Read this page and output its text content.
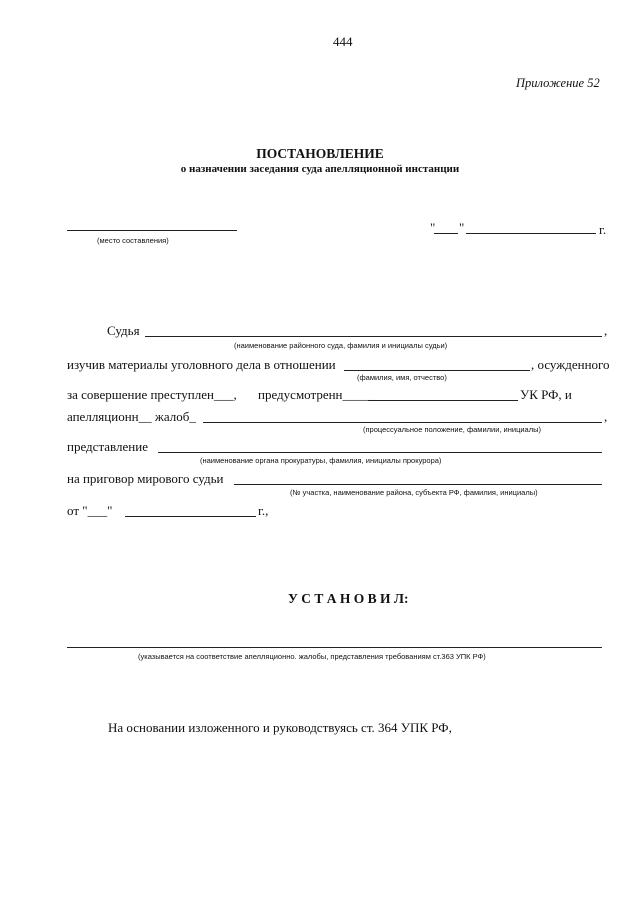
444
Приложение 52
ПОСТАНОВЛЕНИЕ
о назначении заседания суда апелляционной инстанции
(место составления)
" "	г.
Судья	,
(наименование районного суда, фамилия и инициалы судьи)
изучив материалы уголовного дела в отношении	, осужденного
(фамилия, имя, отчество)
за совершение преступлен___, предусмотренн_____	УК РФ, и
апелляционн__ жалоб_	,
(процессуальное положение, фамилии, инициалы)
представление
(наименование органа прокуратуры, фамилия, инициалы прокурора)
на приговор мирового судьи
(№ участка, наименование района, субъекта РФ, фамилия, инициалы)
от "___"	г.,
У С Т А Н О В И Л:
(указывается на соответствие апелляционно. жалобы, представления требованиям ст.363 УПК РФ)
На основании изложенного и руководствуясь ст. 364 УПК РФ,
